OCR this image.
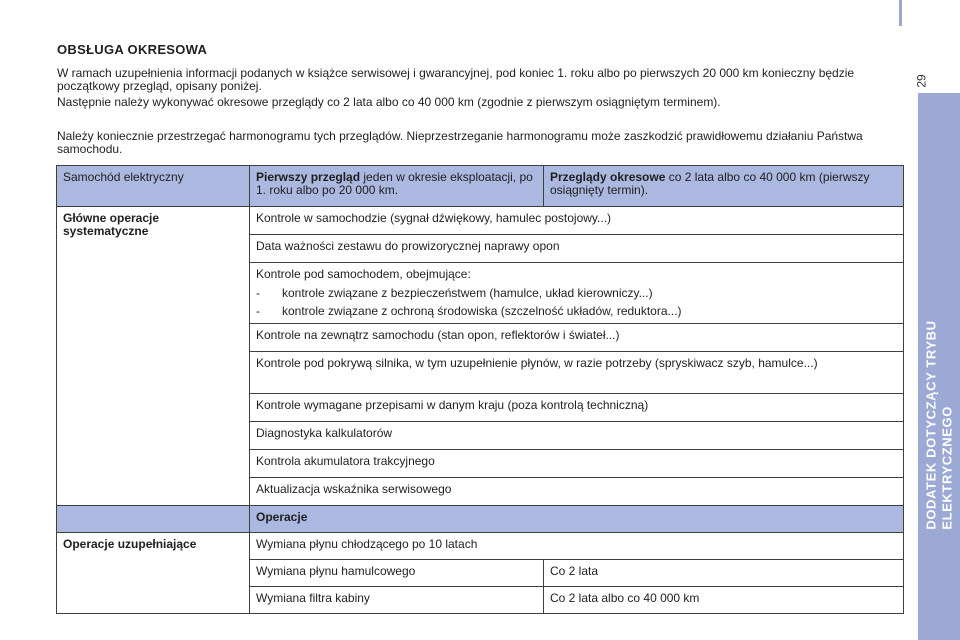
29
DODATEK DOTYCZĄCY TRYBU ELEKTRYCZNEGO
OBSŁUGA OKRESOWA

W ramach uzupełnienia informacji podanych w książce serwisowej i gwarancyjnej, pod koniec 1. roku albo po pierwszych 20 000 km konieczny będzie początkowy przegląd, opisany poniżej.

Następnie należy wykonywać okresowe przeglądy co 2 lata albo co 40 000 km (zgodnie z pierwszym osiągniętym terminem).

Należy koniecznie przestrzegać harmonogramu tych przeglądów. Nieprzestrzeganie harmonogramu może zaszkodzić prawidłowemu działaniu Państwa samochodu.

Samochód elektryczny	Pierwszy przegląd jeden w okresie eksploatacji, po 1. roku albo po 20 000 km.	Przeglądy okresowe co 2 lata albo co 40 000 km (pierwszy osiągnięty termin).
Główne operacje systematyczne	Kontrole w samochodzie (sygnał dźwiękowy, hamulec postojowy...)	
	Data ważności zestawu do prowizorycznej naprawy opon	

	Kontrole pod samochodem, obejmujące:
- kontrole związane z bezpieczeństwem (hamulce, układ kierowniczy...)
- kontrole związane z ochroną środowiska (szczelność układów, reduktora...)	

	Kontrole na zewnątrz samochodu (stan opon, reflektorów i świateł...)	
	Kontrole pod pokrywą silnika, w tym uzupełnienie płynów, w razie potrzeby (spryskiwacz szyb, hamulce...)	
	Kontrole wymagane przepisami w danym kraju (poza kontrolą techniczną)	
	Diagnostyka kalkulatorów	
	Kontrola akumulatora trakcyjnego	
	Aktualizacja wskaźnika serwisowego	
	Operacje	
Operacje uzupełniające	Wymiana płynu chłodzącego po 10 latach	
	Wymiana płynu hamulcowego	Co 2 lata
	Wymiana filtra kabiny	Co 2 lata albo co 40 000 km
